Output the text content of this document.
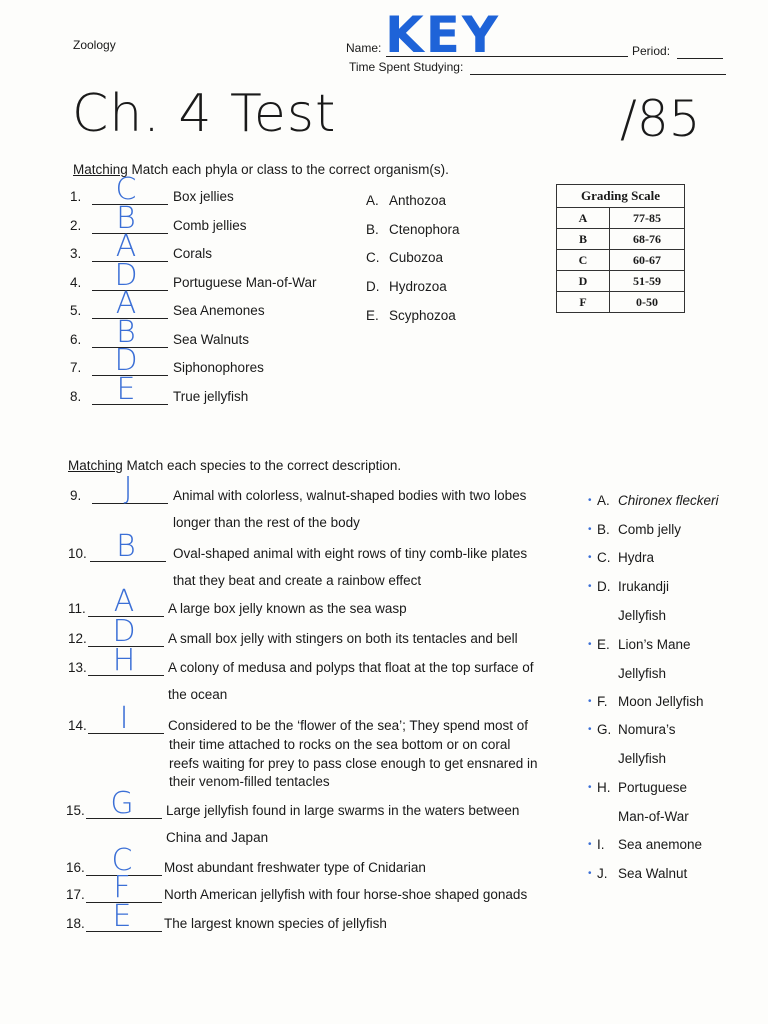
Zoology	Name: KEY	Period:
Time Spent Studying:
Ch. 4 Test	/85
Matching Match each phyla or class to the correct organism(s).
1.	C	Box jellies
2.	B	Comb jellies
3.	A	Corals
4.	D	Portuguese Man-of-War
5.	A	Sea Anemones
6.	B	Sea Walnuts
7.	D	Siphonophores
8.	E	True jellyfish
A. Anthozoa
B. Ctenophora
C. Cubozoa
D. Hydrozoa
E. Scyphozoa
Grading Scale	
A	77-85
B	68-76
C	60-67
D	51-59
F	0-50
Matching Match each species to the correct description.
9.	J	Animal with colorless, walnut-shaped bodies with two lobes
longer than the rest of the body
10. B	Oval-shaped animal with eight rows of tiny comb-like plates
that they beat and create a rainbow effect
11. A	A large box jelly known as the sea wasp
12. D	A small box jelly with stingers on both its tentacles and bell
13. H	A colony of medusa and polyps that float at the top surface of
the ocean
14.	I	Considered to be the ‘flower of the sea’; They spend most of
their time attached to rocks on the sea bottom or on coral
reefs waiting for prey to pass close enough to get ensnared in
their venom-filled tentacles
15. G	Large jellyfish found in large swarms in the waters between
China and Japan
16. C	Most abundant freshwater type of Cnidarian
17. F	North American jellyfish with four horse-shoe shaped gonads
18. E	The largest known species of jellyfish
• A. Chironex fleckeri
• B. Comb jelly
• C. Hydra
• D. Irukandji
Jellyfish
• E. Lion’s Mane
Jellyfish
• F. Moon Jellyfish
• G. Nomura’s
Jellyfish
• H. Portuguese
Man-of-War
• I. Sea anemone
• J. Sea Walnut
